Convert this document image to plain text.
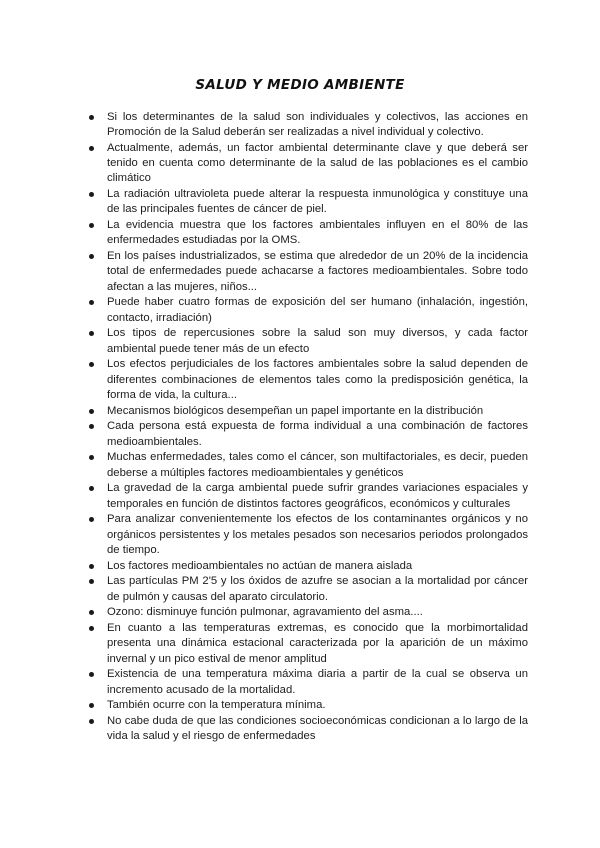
SALUD Y MEDIO AMBIENTE
Si los determinantes de la salud son individuales y colectivos, las acciones en Promoción de la Salud deberán ser realizadas a nivel individual y colectivo.
Actualmente, además, un factor ambiental determinante clave y que deberá ser tenido en cuenta como determinante de la salud de las poblaciones es el cambio climático
La radiación ultravioleta puede alterar la respuesta inmunológica y constituye una de las principales fuentes de cáncer de piel.
La evidencia muestra que los factores ambientales influyen en el 80% de las enfermedades estudiadas por la OMS.
En los países industrializados, se estima que alrededor de un 20% de la incidencia total de enfermedades puede achacarse a factores medioambientales. Sobre todo afectan a las mujeres, niños...
Puede haber cuatro formas de exposición del ser humano (inhalación, ingestión, contacto, irradiación)
Los tipos de repercusiones sobre la salud son muy diversos, y cada factor ambiental puede tener más de un efecto
Los efectos perjudiciales de los factores ambientales sobre la salud dependen de diferentes combinaciones de elementos tales como la predisposición genética, la forma de vida, la cultura...
Mecanismos biológicos desempeñan un papel importante en la distribución
Cada persona está expuesta de forma individual a una combinación de factores medioambientales.
Muchas enfermedades, tales como el cáncer, son multifactoriales, es decir, pueden deberse a múltiples factores medioambientales y genéticos
La gravedad de la carga ambiental puede sufrir grandes variaciones espaciales y temporales en función de distintos factores geográficos, económicos y culturales
Para analizar convenientemente los efectos de los contaminantes orgánicos y no orgánicos persistentes y los metales pesados son necesarios periodos prolongados de tiempo.
Los factores medioambientales no actúan de manera aislada
Las partículas PM 2'5 y los óxidos de azufre se asocian a la mortalidad por cáncer de pulmón y causas del aparato circulatorio.
Ozono: disminuye función pulmonar, agravamiento del asma....
En cuanto a las temperaturas extremas, es conocido que la morbimortalidad presenta una dinámica estacional caracterizada por la aparición de un máximo invernal y un pico estival de menor amplitud
Existencia de una temperatura máxima diaria a partir de la cual se observa un incremento acusado de la mortalidad.
También ocurre con la temperatura mínima.
No cabe duda de que las condiciones socioeconómicas condicionan a lo largo de la vida la salud y el riesgo de enfermedades
